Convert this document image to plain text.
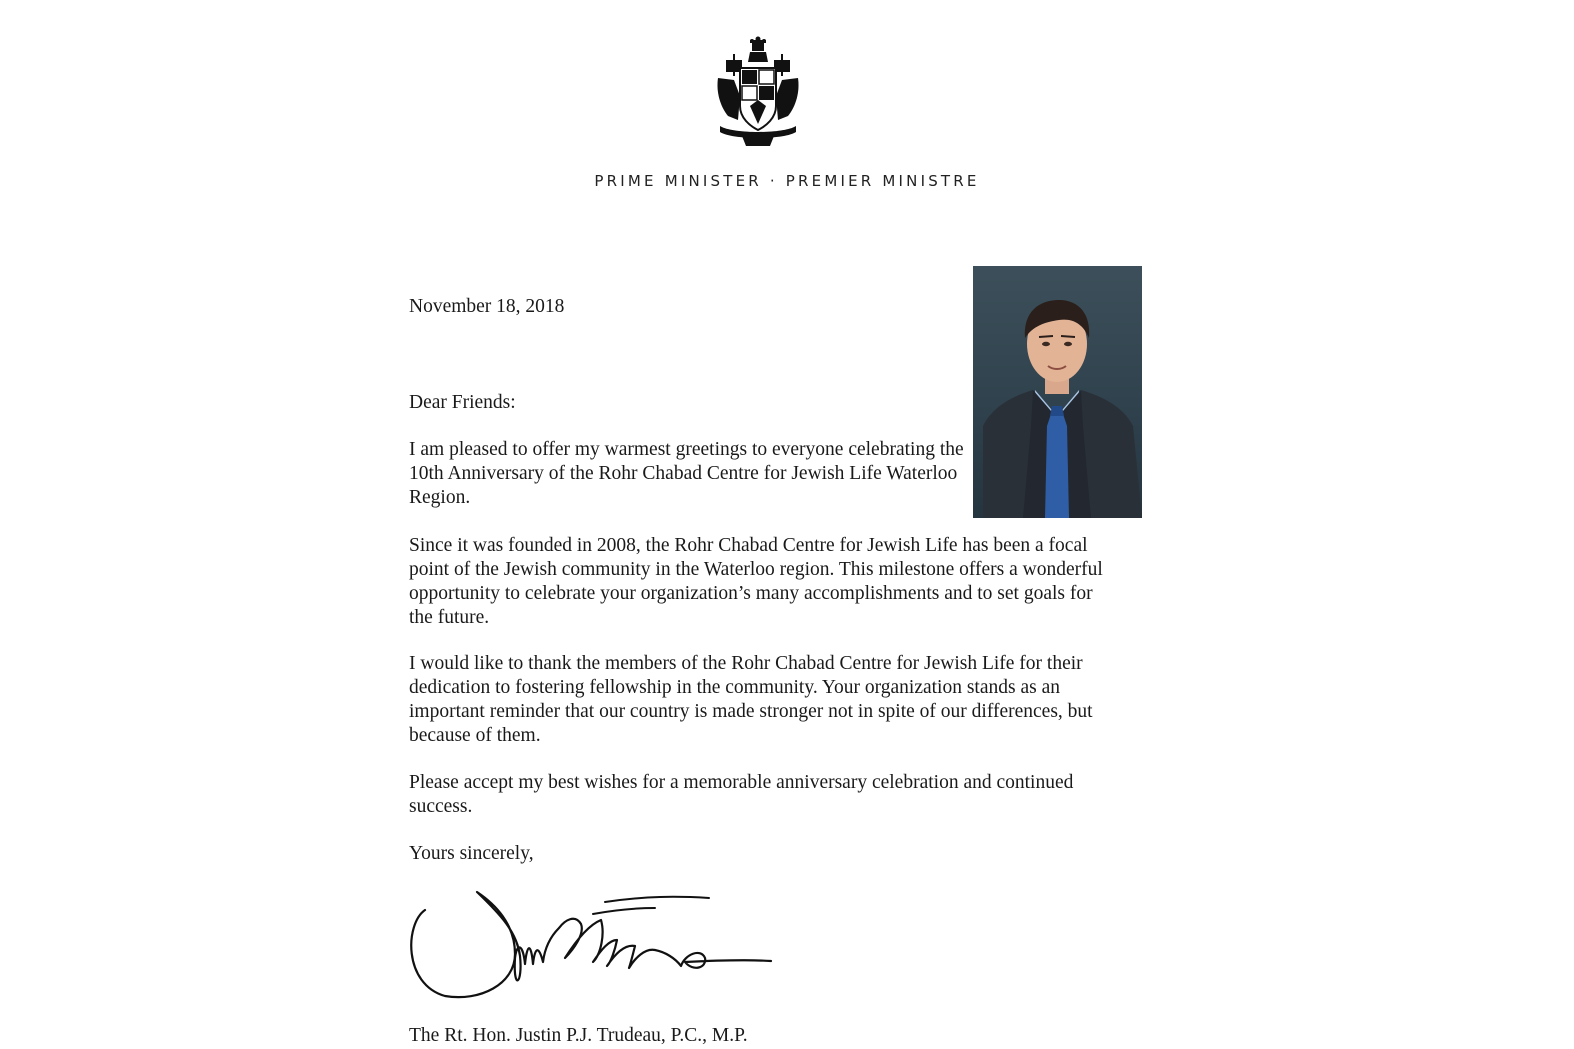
PRIME MINISTER · PREMIER MINISTRE
November 18, 2018
Dear Friends:
I am pleased to offer my warmest greetings to everyone celebrating the 10th Anniversary of the Rohr Chabad Centre for Jewish Life Waterloo Region.
Since it was founded in 2008, the Rohr Chabad Centre for Jewish Life has been a focal point of the Jewish community in the Waterloo region. This milestone offers a wonderful opportunity to celebrate your organization’s many accomplishments and to set goals for the future.
I would like to thank the members of the Rohr Chabad Centre for Jewish Life for their dedication to fostering fellowship in the community. Your organization stands as an important reminder that our country is made stronger not in spite of our differences, but because of them.
Please accept my best wishes for a memorable anniversary celebration and continued success.
Yours sincerely,
The Rt. Hon. Justin P.J. Trudeau, P.C., M.P.
